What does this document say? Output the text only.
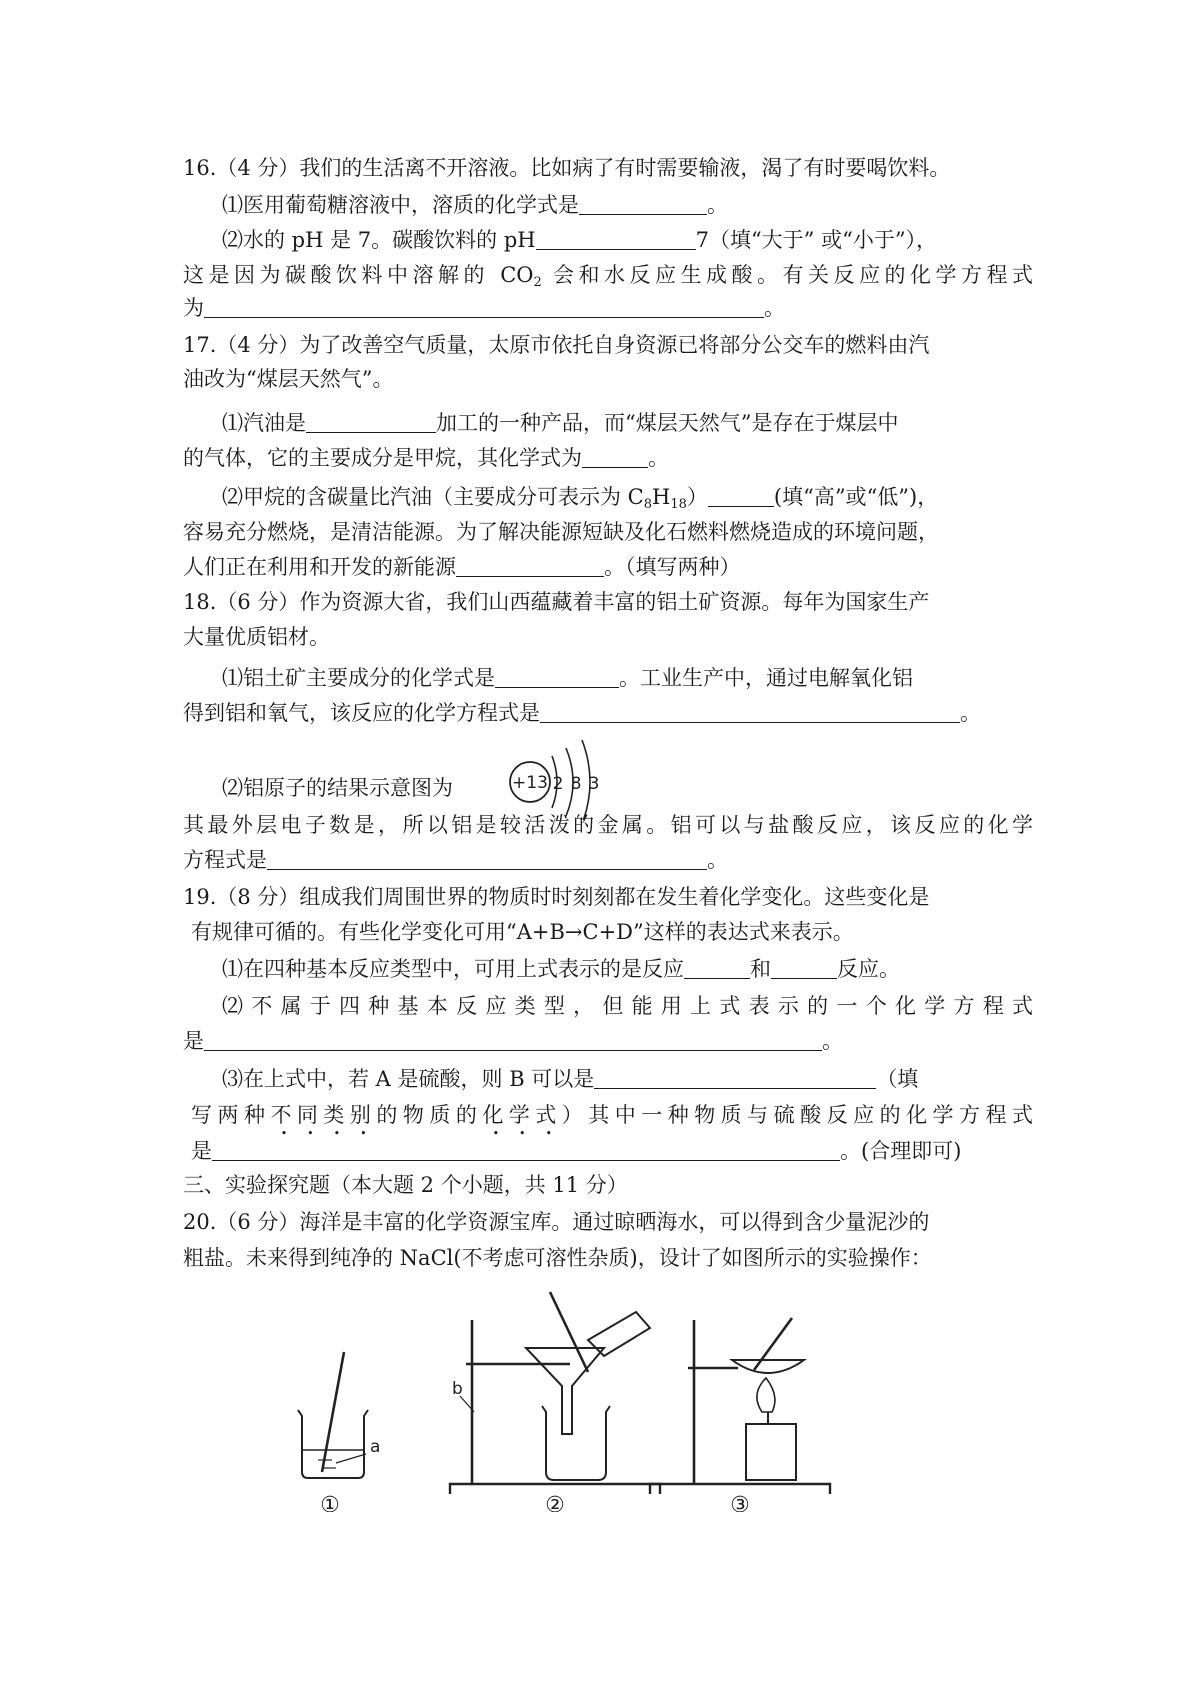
16.（4 分）我们的生活离不开溶液。比如病了有时需要输液，渴了有时要喝饮料。
⑴医用葡萄糖溶液中，溶质的化学式是	。
⑵水的 pH 是 7。碳酸饮料的 pH	7（填“大于” 或“小于”），
这是因为碳酸饮料中溶解的 $CO_2$ 会和水反应生成酸。有关反应的化学方程式
为	。
17.（4 分）为了改善空气质量，太原市依托自身资源已将部分公交车的燃料由汽
油改为“煤层天然气”。
⑴汽油是	加工的一种产品，而“煤层天然气”是存在于煤层中
的气体，它的主要成分是甲烷，其化学式为	。
⑵甲烷的含碳量比汽油（主要成分可表示为 $C_8H_{18}$）	(填“高”或“低”)，
容易充分燃烧，是清洁能源。为了解决能源短缺及化石燃料燃烧造成的环境问题，
人们正在利用和开发的新能源	。（填写两种）
18.（6 分）作为资源大省，我们山西蕴藏着丰富的铝土矿资源。每年为国家生产
大量优质铝材。
⑴铝土矿主要成分的化学式是	。工业生产中，通过电解氧化铝
得到铝和氧气，该反应的化学方程式是	。
⑵铝原子的结果示意图为	+13 2 8 3
其最外层电子数是，所以铝是较活泼的金属。铝可以与盐酸反应，该反应的化学
方程式是	。
19.（8 分）组成我们周围世界的物质时时刻刻都在发生着化学变化。这些变化是
有规律可循的。有些化学变化可用“A+B→C+D”这样的表达式来表示。
⑴在四种基本反应类型中，可用上式表示的是反应	和	反应。
⑵不属于四种基本反应类型，但能用上式表示的一个化学方程式
是	。
⑶在上式中，若 A 是硫酸，则 B 可以是	（填
写两种不同类别的物质的化学式）其中一种物质与硫酸反应的化学方程式
是	。(合理即可)
三、实验探究题（本大题 2 个小题，共 11 分）
20.（6 分）海洋是丰富的化学资源宝库。通过晾晒海水，可以得到含少量泥沙的
粗盐。未来得到纯净的 NaCl(不考虑可溶性杂质)，设计了如图所示的实验操作：
a
b
①	②	③
